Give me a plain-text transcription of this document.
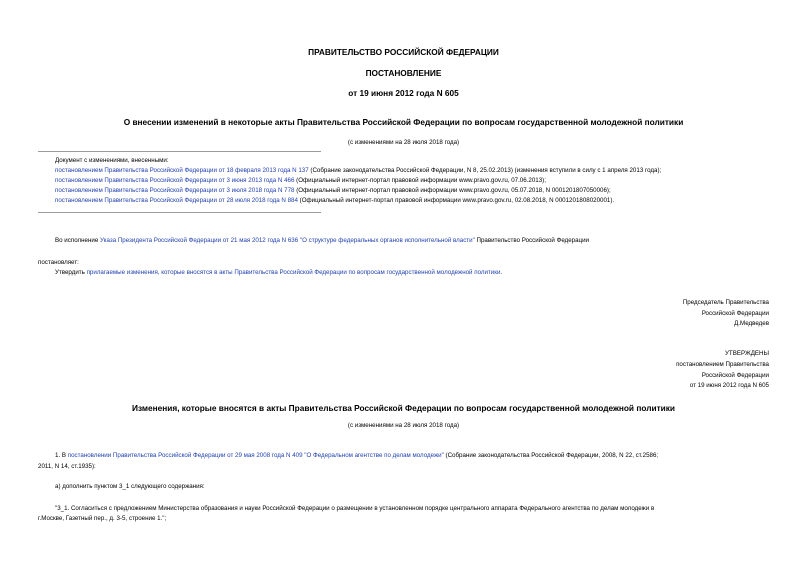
ПРАВИТЕЛЬСТВО РОССИЙСКОЙ ФЕДЕРАЦИИ
ПОСТАНОВЛЕНИЕ
от 19 июня 2012 года N 605
О внесении изменений в некоторые акты Правительства Российской Федерации по вопросам государственной молодежной политики
(с изменениями на 28 июля 2018 года)
Документ с изменениями, внесенными:
постановлением Правительства Российской Федерации от 18 февраля 2013 года N 137 (Собрание законодательства Российской Федерации, N 8, 25.02.2013) (изменения вступили в силу с 1 апреля 2013 года);
постановлением Правительства Российской Федерации от 3 июня 2013 года N 466 (Официальный интернет-портал правовой информации www.pravo.gov.ru, 07.06.2013);
постановлением Правительства Российской Федерации от 3 июля 2018 года N 778 (Официальный интернет-портал правовой информации www.pravo.gov.ru, 05.07.2018, N 0001201807050006);
постановлением Правительства Российской Федерации от 28 июля 2018 года N 884 (Официальный интернет-портал правовой информации www.pravo.gov.ru, 02.08.2018, N 0001201808020001).
Во исполнение Указа Президента Российской Федерации от 21 мая 2012 года N 636 "О структуре федеральных органов исполнительной власти" Правительство Российской Федерации
постановляет:
Утвердить прилагаемые изменения, которые вносятся в акты Правительства Российской Федерации по вопросам государственной молодежной политики.
Председатель Правительства
Российской Федерации
Д.Медведев
УТВЕРЖДЕНЫ
постановлением Правительства
Российской Федерации
от 19 июня 2012 года N 605
Изменения, которые вносятся в акты Правительства Российской Федерации по вопросам государственной молодежной политики
(с изменениями на 28 июля 2018 года)
1. В постановлении Правительства Российской Федерации от 29 мая 2008 года N 409 "О Федеральном агентстве по делам молодежи" (Собрание законодательства Российской Федерации, 2008, N 22, ст.2586;
2011, N 14, ст.1935):
а) дополнить пунктом 3_1 следующего содержания:
"3_1. Согласиться с предложением Министерства образования и науки Российской Федерации о размещении в установленном порядке центрального аппарата Федерального агентства по делам молодежи в
г.Москве, Газетный пер., д. 3-5, строение 1.";
